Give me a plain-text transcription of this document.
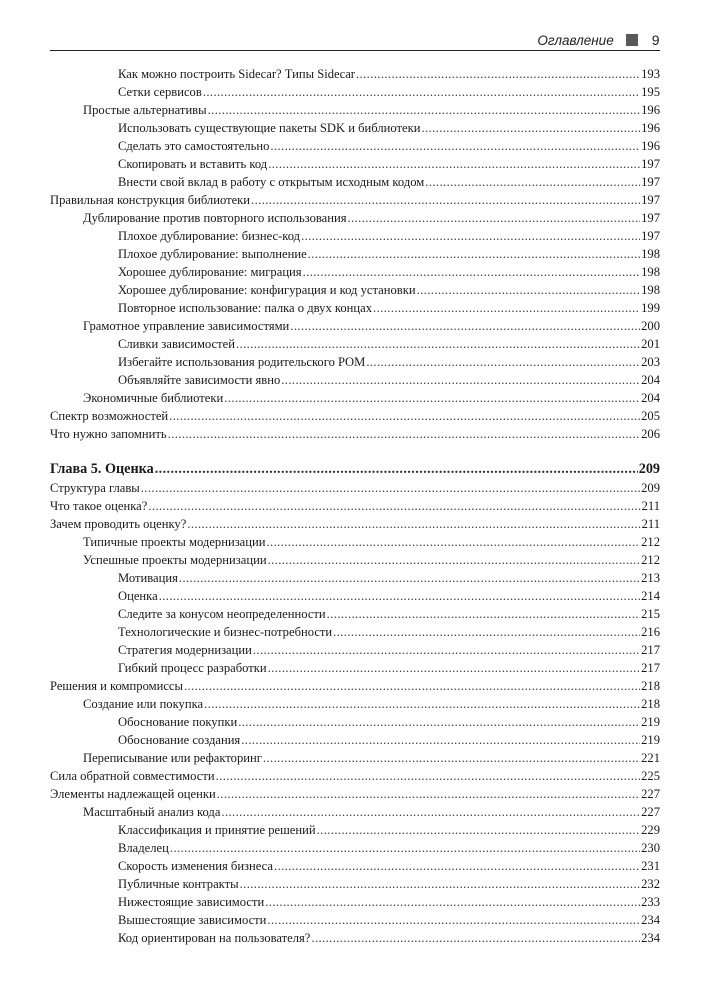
Оглавление	9
Как можно построить Sidecar? Типы Sidecar .....	193
Сетки сервисов .....	195
Простые альтернативы .....	196
Использовать существующие пакеты SDK и библиотеки .....	196
Сделать это самостоятельно .....	196
Скопировать и вставить код .....	197
Внести свой вклад в работу с открытым исходным кодом .....	197
Правильная конструкция библиотеки .....	197
Дублирование против повторного использования .....	197
Плохое дублирование: бизнес-код .....	197
Плохое дублирование: выполнение .....	198
Хорошее дублирование: миграция .....	198
Хорошее дублирование: конфигурация и код установки .....	198
Повторное использование: палка о двух концах .....	199
Грамотное управление зависимостями .....	200
Сливки зависимостей .....	201
Избегайте использования родительского POM .....	203
Объявляйте зависимости явно .....	204
Экономичные библиотеки .....	204
Спектр возможностей .....	205
Что нужно запомнить .....	206
Глава 5. Оценка .....	209
Структура главы .....	209
Что такое оценка? .....	211
Зачем проводить оценку? .....	211
Типичные проекты модернизации .....	212
Успешные проекты модернизации .....	212
Мотивация .....	213
Оценка .....	214
Следите за конусом неопределенности .....	215
Технологические и бизнес-потребности .....	216
Стратегия модернизации .....	217
Гибкий процесс разработки .....	217
Решения и компромиссы .....	218
Создание или покупка .....	218
Обоснование покупки .....	219
Обоснование создания .....	219
Переписывание или рефакторинг .....	221
Сила обратной совместимости .....	225
Элементы надлежащей оценки .....	227
Масштабный анализ кода .....	227
Классификация и принятие решений .....	229
Владелец .....	230
Скорость изменения бизнеса .....	231
Публичные контракты .....	232
Нижестоящие зависимости .....	233
Вышестоящие зависимости .....	234
Код ориентирован на пользователя? .....	234
